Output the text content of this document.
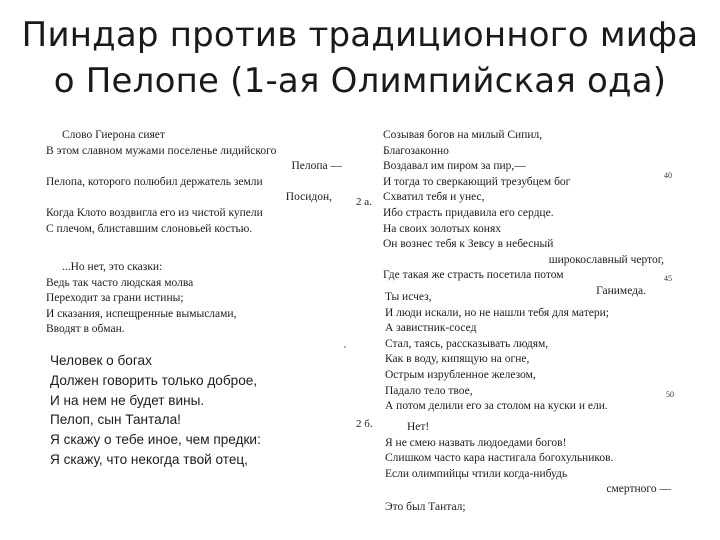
Пиндар против традиционного мифа
о Пелопе (1-ая Олимпийская ода)
Слово Гиерона сияет
В этом славном мужами поселенье лидийского
Пелопа —
Пелопа, которого полюбил держатель земли
Посидон,
Когда Клото воздвигла его из чистой купели
С плечом, блиставшим слоновьей костью.
...Но нет, это сказки:
Ведь так часто людская молва
Переходит за грани истины;
И сказания, испещренные вымыслами,
Вводят в обман.
Человек о богах
Должен говорить только доброе,
И на нем не будет вины.
Пелоп, сын Тантала!
Я скажу о тебе иное, чем предки:
Я скажу, что некогда твой отец,
2 а.
2 б.
40
45
50
Созывая богов на милый Сипил,
Благозаконно
Воздавал им пиром за пир,—
И тогда то сверкающий трезубцем бог
Схватил тебя и унес,
Ибо страсть придавила его сердце.
На своих золотых конях
Он вознес тебя к Зевсу в небесный
широкославный чертог,
Где такая же страсть посетила потом
Ганимеда.
Ты исчез,
И люди искали, но не нашли тебя для матери;
А завистник-сосед
Стал, таясь, рассказывать людям,
Как в воду, кипящую на огне,
Острым изрубленное железом,
Падало тело твое,
А потом делили его за столом на куски и ели.
Нет!
Я не смею назвать людоедами богов!
Слишком часто кара настигала богохульников.
Если олимпийцы чтили когда-нибудь
смертного —
Это был Тантал;
